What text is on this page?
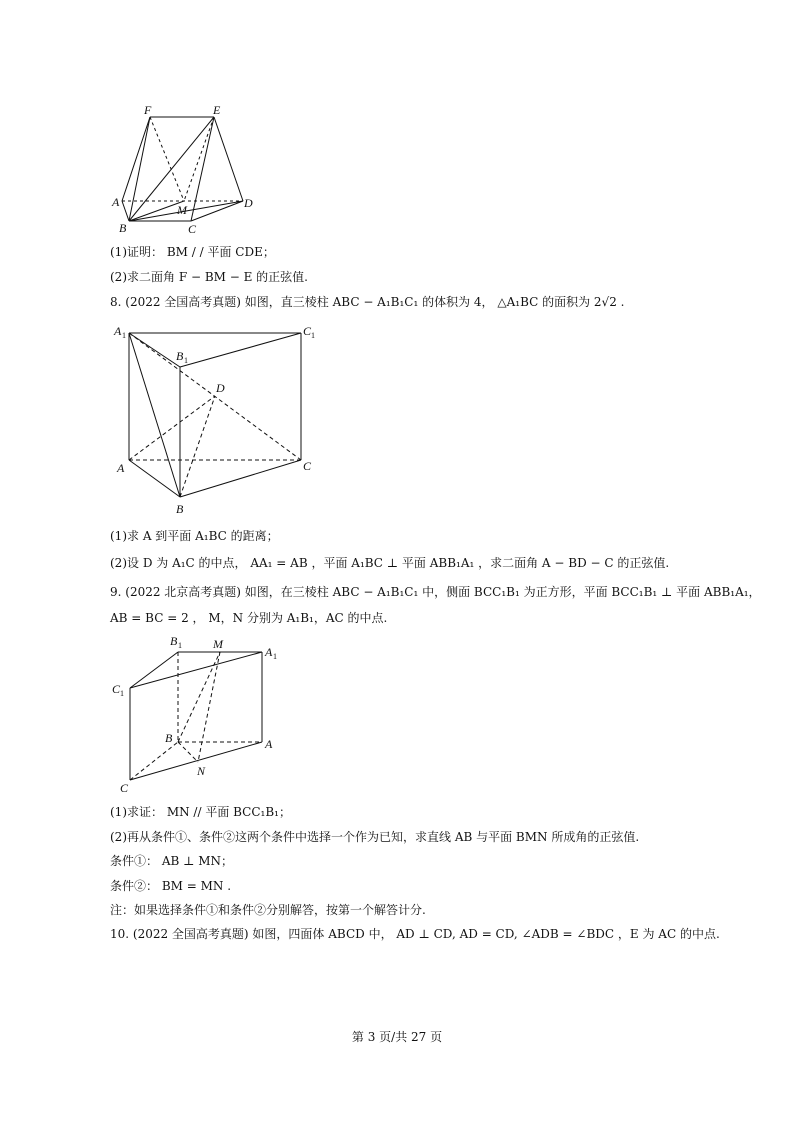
F	E
A	D
M
B	C
(1)证明： BM / / 平面 CDE；
(2)求二面角 F − BM − E 的正弦值.
8. (2022 全国高考真题) 如图，直三棱柱 ABC − A₁B₁C₁ 的体积为 4， △A₁BC 的面积为 2√2 .
A 1
B 1
C 1
D
A
B
C
(1)求 A 到平面 A₁BC 的距离；
(2)设 D 为 A₁C 的中点， AA₁ = AB ，平面 A₁BC ⊥ 平面 ABB₁A₁ ，求二面角 A − BD − C 的正弦值.
9. (2022 北京高考真题) 如图，在三棱柱 ABC − A₁B₁C₁ 中，侧面 BCC₁B₁ 为正方形，平面 BCC₁B₁ ⊥ 平面 ABB₁A₁，
AB = BC = 2 ， M，N 分别为 A₁B₁，AC 的中点.
B 1	M
A 1
C 1
B	A
N
C
(1)求证： MN // 平面 BCC₁B₁；
(2)再从条件①、条件②这两个条件中选择一个作为已知，求直线 AB 与平面 BMN 所成角的正弦值.
条件①： AB ⊥ MN；
条件②： BM = MN .
注：如果选择条件①和条件②分别解答，按第一个解答计分.
10. (2022 全国高考真题) 如图，四面体 ABCD 中， AD ⊥ CD, AD = CD, ∠ADB = ∠BDC ，E 为 AC 的中点.
第 3 页/共 27 页
